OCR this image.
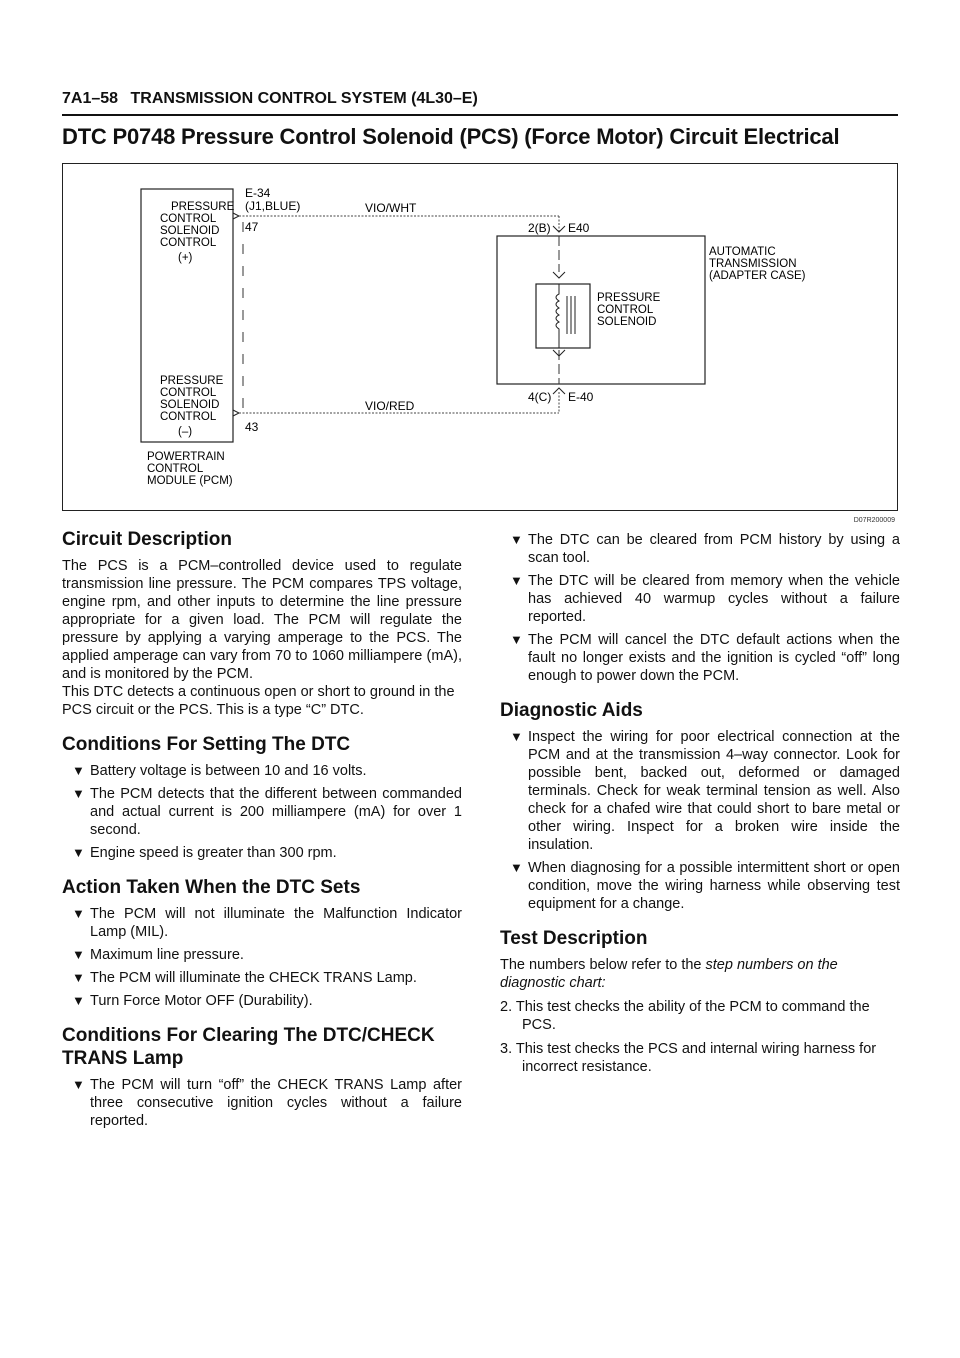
7A1–58 TRANSMISSION CONTROL SYSTEM (4L30–E)
DTC P0748 Pressure Control Solenoid (PCS) (Force Motor) Circuit Electrical
PRESSURE
CONTROL
SOLENOID
CONTROL
(+)
PRESSURE
CONTROL
SOLENOID
CONTROL
(–)
POWERTRAIN
CONTROL
MODULE (PCM)
E-34
(J1,BLUE)
47
43
VIO/WHT
VIO/RED
2(B) E40
4(C) E-40
AUTOMATIC
TRANSMISSION
(ADAPTER CASE)
PRESSURE
CONTROL
SOLENOID
D07R200009
Circuit Description

The PCS is a PCM–controlled device used to regulate transmission line pressure. The PCM compares TPS voltage, engine rpm, and other inputs to determine the line pressure appropriate for a given load. The PCM will regulate the pressure by applying a varying amperage to the PCS. The applied amperage can vary from 70 to 1060 milliampere (mA), and is monitored by the PCM.

This DTC detects a continuous open or short to ground in the PCS circuit or the PCS. This is a type “C” DTC.

Conditions For Setting The DTC
▼ Battery voltage is between 10 and 16 volts.
▼ The PCM detects that the different between commanded and actual current is 200 milliampere (mA) for over 1 second.
▼ Engine speed is greater than 300 rpm.
Action Taken When the DTC Sets
▼ The PCM will not illuminate the Malfunction Indicator Lamp (MIL).
▼ Maximum line pressure.
▼ The PCM will illuminate the CHECK TRANS Lamp.
▼ Turn Force Motor OFF (Durability).
Conditions For Clearing The DTC/CHECK TRANS Lamp
▼ The PCM will turn “off” the CHECK TRANS Lamp after three consecutive ignition cycles without a failure reported.
▼ The DTC can be cleared from PCM history by using a scan tool.
▼ The DTC will be cleared from memory when the vehicle has achieved 40 warmup cycles without a failure reported.
▼ The PCM will cancel the DTC default actions when the fault no longer exists and the ignition is cycled “off” long enough to power down the PCM.
Diagnostic Aids
▼ Inspect the wiring for poor electrical connection at the PCM and at the transmission 4–way connector. Look for possible bent, backed out, deformed or damaged terminals. Check for weak terminal tension as well. Also check for a chafed wire that could short to bare metal or other wiring. Inspect for a broken wire inside the insulation.
▼ When diagnosing for a possible intermittent short or open condition, move the wiring harness while observing test equipment for a change.
Test Description

The numbers below refer to the step numbers on the diagnostic chart:

2. This test checks the ability of the PCM to command the PCS.
3. This test checks the PCS and internal wiring harness for incorrect resistance.
